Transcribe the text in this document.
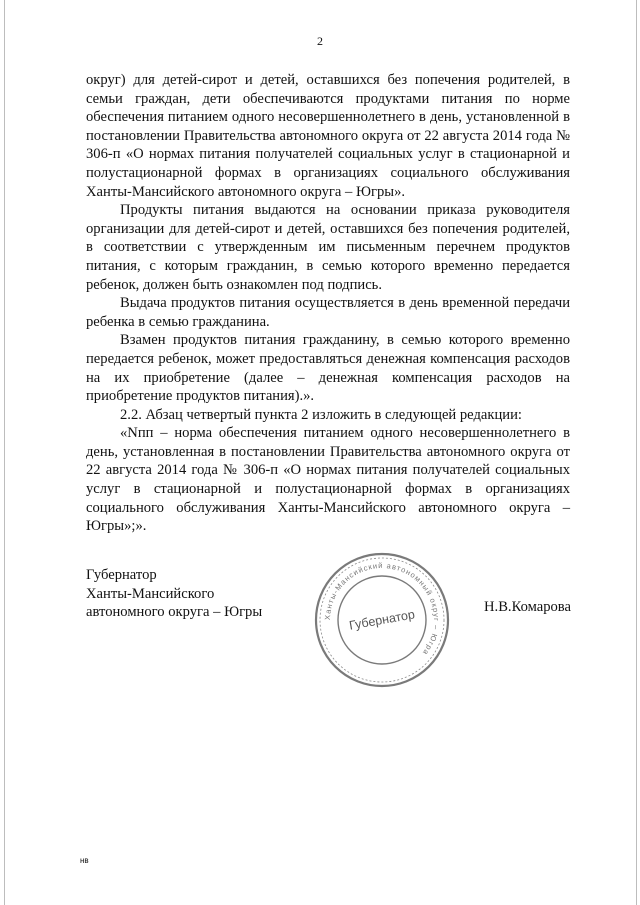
2

округ) для детей-сирот и детей, оставшихся без попечения родителей, в семьи граждан, дети обеспечиваются продуктами питания по норме обеспечения питанием одного несовершеннолетнего в день, установленной в постановлении Правительства автономного округа от 22 августа 2014 года № 306-п «О нормах питания получателей социальных услуг в стационарной и полустационарной формах в организациях социального обслуживания Ханты-Мансийского автономного округа – Югры».

Продукты питания выдаются на основании приказа руководителя организации для детей-сирот и детей, оставшихся без попечения родителей, в соответствии с утвержденным им письменным перечнем продуктов питания, с которым гражданин, в семью которого временно передается ребенок, должен быть ознакомлен под подпись.

Выдача продуктов питания осуществляется в день временной передачи ребенка в семью гражданина.

Взамен продуктов питания гражданину, в семью которого временно передается ребенок, может предоставляться денежная компенсация расходов на их приобретение (далее – денежная компенсация расходов на приобретение продуктов питания).».

2.2. Абзац четвертый пункта 2 изложить в следующей редакции:

«Nпп – норма обеспечения питанием одного несовершеннолетнего в день, установленная в постановлении Правительства автономного округа от 22 августа 2014 года № 306-п «О нормах питания получателей социальных услуг в стационарной и полустационарной формах в организациях социального обслуживания Ханты-Мансийского автономного округа – Югры»;».

Губернатор
Ханты-Мансийского
автономного округа – Югры	Н.В.Комарова
Ханты-Мансийский автономный округ – Югра
Губернатор
нв
